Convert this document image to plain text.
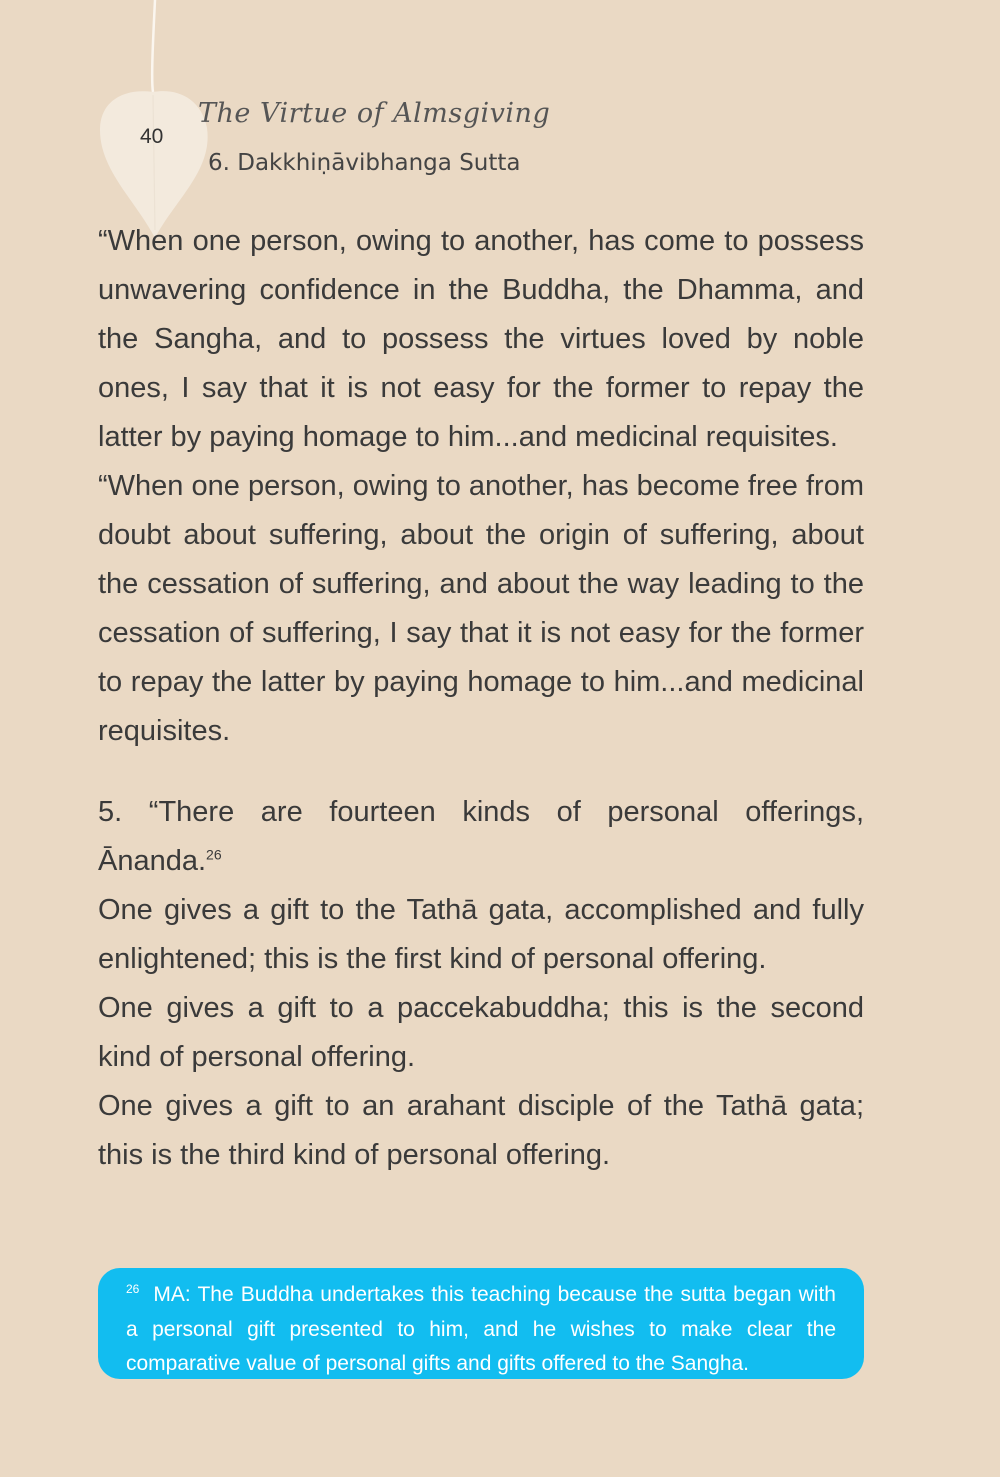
40
The Virtue of Almsgiving
6. Dakkhiṇāvibhanga Sutta

“When one person, owing to another, has come to possess unwavering confidence in the Buddha, the Dhamma, and the Sangha, and to possess the virtues loved by noble ones, I say that it is not easy for the former to repay the latter by paying homage to him...and medicinal requisites.

“When one person, owing to another, has become free from doubt about suffering, about the origin of suffering, about the cessation of suffering, and about the way leading to the cessation of suffering, I say that it is not easy for the former to repay the latter by paying homage to him...and medicinal requisites.

5. “There are fourteen kinds of personal offerings, Ānanda.$^{26}$

One gives a gift to the Tathā gata, accomplished and fully enlightened; this is the first kind of personal offering.

One gives a gift to a paccekabuddha; this is the second kind of personal offering.

One gives a gift to an arahant disciple of the Tathā gata; this is the third kind of personal offering.

$^{26}$ MA: The Buddha undertakes this teaching because the sutta began with a personal gift presented to him, and he wishes to make clear the comparative value of personal gifts and gifts offered to the Sangha.
